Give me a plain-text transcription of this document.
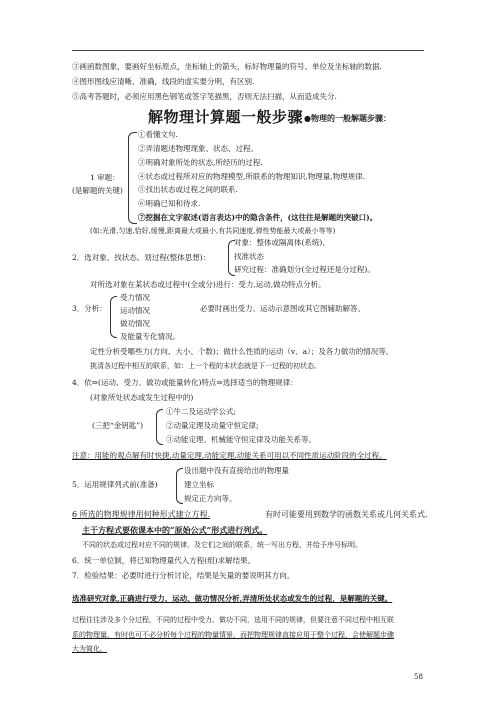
③画函数图象，要画好坐标原点，坐标轴上的箭头，标好物理量的符号、单位及坐标轴的数据.
④图形图线应清晰、准确，线段的虚实要分明，有区别.
⑤高考答题时，必须应用黑色钢笔或签字笔描黑，否则无法扫描，从而造成失分.
解物理计算题一般步骤 ●物理的一般解题步骤：
①看懂文句.
②弄清题述物理现象、状态、过程。
③明确对象所处的状态,所经历的过程.
1 审题： ④状态或过程所对应的物理模型,所联系的物理知识,物理量,物理规律.
(是解题的关键) ⑤找出状态或过程之间的联系.
⑥明确已知和待求.
⑦挖掘在文字叙述(语言表达)中的隐含条件，(这往往是解题的突破口)。
(如:光滑,匀速,恰好,缓慢,距离最大或最小,有共同速度,弹性势能最大或最小等等)
2．选对象、找状态、划过程(整体思想)：
对象：整体或隔离体(系统)、
找准状态
研究过程：准确划分(全过程还是分过程)。
对所选对象在某状态或过程中(全或分)进行：受力,运动,做功特点分析。
受力情况
3．分析： 运动情况	必要时画出受力、运动示意图或其它图辅助解答。
做功情况
及能量专化情况。
定性分析受哪些力(方向、大小、个数)；做什么性质的运动（v、a）；及各力做功的情况等。
挑清各过程中相互的联系，如：上一个程的末状态就是下一过程的初状态。
4．依⇒(运动、受力、做功或能量转化)特点⇒选择适当的物理规律：
(对象所处状态或发生过程中的)
①牛二及运动学公式;
(三把“金钥匙”)	②动量定理及动量守恒定律;
③动能定理、机械能守恒定律及功能关系等。
注意：用能的观点解有时快捷,动量定理,动能定理,动能关系可用以不同性质运动阶段的全过程。
设出题中没有直接给出的物理量
5．运用规律列式前(准备)	建立坐标
规定正方向等。
6 所选的物理规律用何种形式建立方程.	有时可能要用到数学的函数关系或几何关系式.
主干方程式要依课本中的“原始公式”形式进行列式。
不同的状态或过程对应不同的规律，及它们之间的联系，统一写出方程，并给予序号标明。
6．统一单位制，将已知物理量代入方程(组)求解结果。
7．检验结果：必要时进行分析讨论，结果是矢量的要说明其方向。
选准研究对象,正确进行受力、运动、做功情况分析,弄清所处状态或发生的过程，是解题的关键。
过程往往涉及多个分过程，不同的过程中受力、做功不同，选用不同的规律，但要注意不同过程中相互联
系的物理量。有时也可不必分析每个过程的物量情景，而把物理规律直接应用于整个过程，会使解题步骤
大为简化。
58
